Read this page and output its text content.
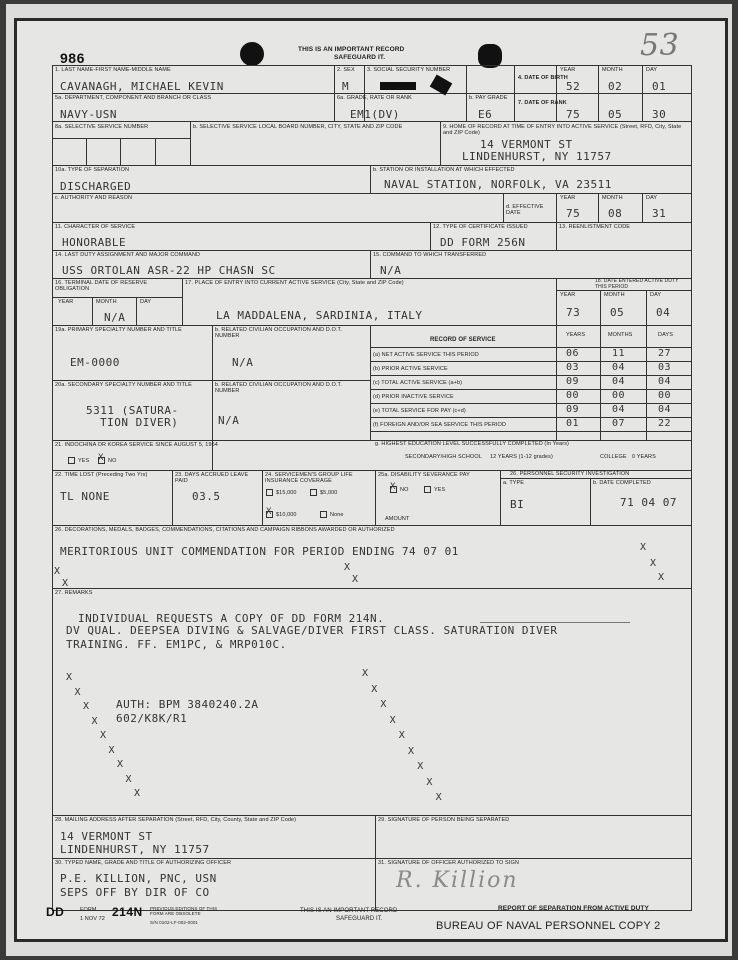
986
THIS IS AN IMPORTANT RECORD
SAFEGUARD IT.	53
1. LAST NAME-FIRST NAME-MIDDLE NAME
CAVANAGH, MICHAEL KEVIN
2. SEX
M
3. SOCIAL SECURITY NUMBER
4. DATE OF BIRTH
YEAR	MONTH	DAY
52	02	01
5a. DEPARTMENT, COMPONENT AND BRANCH OR CLASS
NAVY-USN
6a. GRADE, RATE OR RANK
EM1(DV)
b. PAY GRADE
E6
7. DATE OF RANK
75	05	30
8a. SELECTIVE SERVICE NUMBER	b. SELECTIVE SERVICE LOCAL BOARD NUMBER, CITY, STATE AND ZIP CODE	9. HOME OF RECORD AT TIME OF ENTRY INTO ACTIVE SERVICE (Street, RFD, City, State and ZIP Code)
14 VERMONT ST
LINDENHURST, NY 11757
10a. TYPE OF SEPARATION
DISCHARGED
b. STATION OR INSTALLATION AT WHICH EFFECTED
NAVAL STATION, NORFOLK, VA 23511
c. AUTHORITY AND REASON
d. EFFECTIVE DATE
YEAR	MONTH	DAY
75	08	31
11. CHARACTER OF SERVICE
HONORABLE
12. TYPE OF CERTIFICATE ISSUED
DD FORM 256N
13. REENLISTMENT CODE
14. LAST DUTY ASSIGNMENT AND MAJOR COMMAND
USS ORTOLAN ASR-22 HP CHASN SC
15. COMMAND TO WHICH TRANSFERRED
N/A
16. TERMINAL DATE OF RESERVE OBLIGATION
YEAR	MONTH	DAY
N/A
17. PLACE OF ENTRY INTO CURRENT ACTIVE SERVICE (City, State and ZIP Code)
LA MADDALENA, SARDINIA, ITALY
18. DATE ENTERED ACTIVE DUTY THIS PERIOD
YEAR	MONTH	DAY
73	05	04
19a. PRIMARY SPECIALTY NUMBER AND TITLE
EM-0000
b. RELATED CIVILIAN OCCUPATION AND D.O.T. NUMBER
N/A
20a. SECONDARY SPECIALTY NUMBER AND TITLE
5311 (SATURA-
TION DIVER)
b. RELATED CIVILIAN OCCUPATION AND D.O.T. NUMBER
N/A
RECORD OF SERVICE
YEARS	MONTHS	DAYS
(a) NET ACTIVE SERVICE THIS PERIOD	06	11	27
(b) PRIOR ACTIVE SERVICE	03	04	03
(c) TOTAL ACTIVE SERVICE (a+b)	09	04	04
(d) PRIOR INACTIVE SERVICE	00	00	00
(e) TOTAL SERVICE FOR PAY (c+d)	09	04	04
(f) FOREIGN AND/OR SEA SERVICE THIS PERIOD	01	07	22
21. INDOCHINA OR KOREA SERVICE SINCE AUGUST 5, 1964
YES X NO
g. HIGHEST EDUCATION LEVEL SUCCESSFULLY COMPLETED (In Years)
SECONDARY/HIGH SCHOOL 12 YEARS (1-12 grades)	COLLEGE 0 YEARS
22. TIME LOST (Preceding Two Yrs)
TL NONE
23. DAYS ACCRUED LEAVE PAID
03.5
24. SERVICEMEN'S GROUP LIFE INSURANCE COVERAGE
$15,000	$5,000
X $10,000	None
25a. DISABILITY SEVERANCE PAY
X NO	YES
AMOUNT
26. PERSONNEL SECURITY INVESTIGATION
a. TYPE
BI
b. DATE COMPLETED
71 04 07
26. DECORATIONS, MEDALS, BADGES, COMMENDATIONS, CITATIONS AND CAMPAIGN RIBBONS AWARDED OR AUTHORIZED
MERITORIOUS UNIT COMMENDATION FOR PERIOD ENDING 74 07 01
X
X
X
X
X
X
X
27. REMARKS
INDIVIDUAL REQUESTS A COPY OF DD FORM 214N.
DV QUAL. DEEPSEA DIVING & SALVAGE/DIVER FIRST CLASS. SATURATION DIVER
TRAINING. FF. EM1PC, & MRP010C.
AUTH: BPM 3840240.2A
602/K8K/R1
X
X
X
X
X
X
X
X
X
X
X
X
X
X
X
X
X
X
28. MAILING ADDRESS AFTER SEPARATION (Street, RFD, City, County, State and ZIP Code)
14 VERMONT ST
LINDENHURST, NY 11757
29. SIGNATURE OF PERSON BEING SEPARATED
30. TYPED NAME, GRADE AND TITLE OF AUTHORIZING OFFICER
P.E. KILLION, PNC, USN
SEPS OFF BY DIR OF CO
31. SIGNATURE OF OFFICER AUTHORIZED TO SIGN
R. Killion
DD	FORM 214N
1 NOV 72
PREVIOUS EDITIONS OF THIS FORM ARE OBSOLETE
S/N 0102-LF-002-0001
THIS IS AN IMPORTANT RECORD
SAFEGUARD IT.
REPORT OF SEPARATION FROM ACTIVE DUTY
BUREAU OF NAVAL PERSONNEL COPY 2
